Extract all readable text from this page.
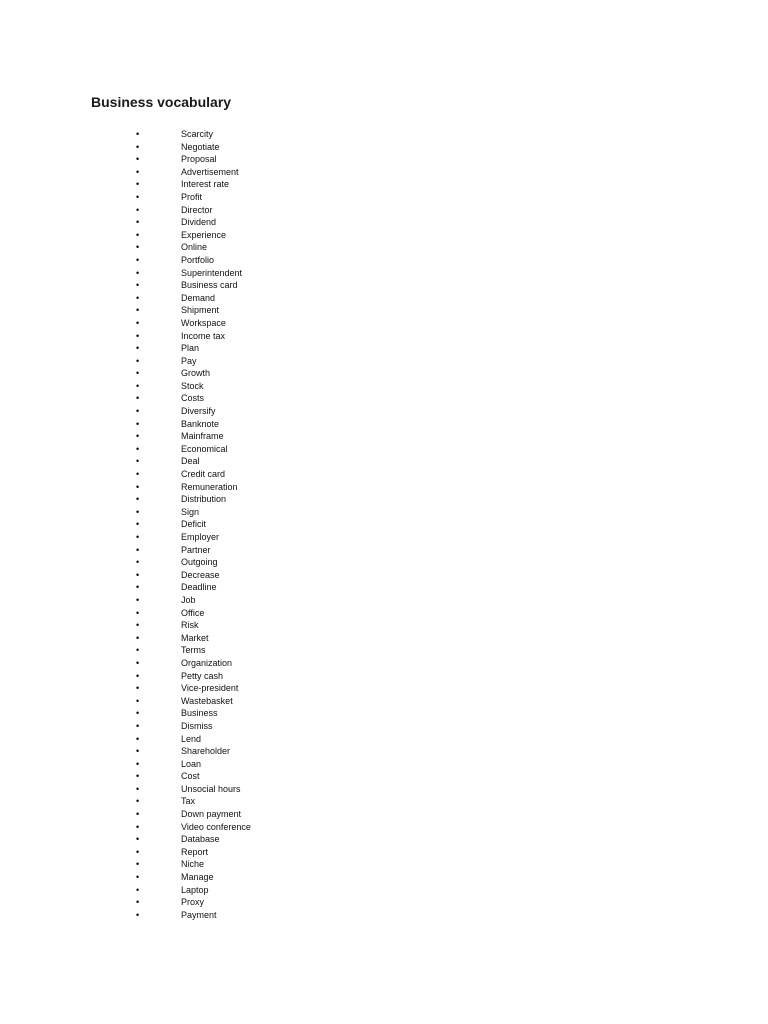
Business vocabulary
•	Scarcity
•	Negotiate
•	Proposal
•	Advertisement
•	Interest rate
•	Profit
•	Director
•	Dividend
•	Experience
•	Online
•	Portfolio
•	Superintendent
•	Business card
•	Demand
•	Shipment
•	Workspace
•	Income tax
•	Plan
•	Pay
•	Growth
•	Stock
•	Costs
•	Diversify
•	Banknote
•	Mainframe
•	Economical
•	Deal
•	Credit card
•	Remuneration
•	Distribution
•	Sign
•	Deficit
•	Employer
•	Partner
•	Outgoing
•	Decrease
•	Deadline
•	Job
•	Office
•	Risk
•	Market
•	Terms
•	Organization
•	Petty cash
•	Vice-president
•	Wastebasket
•	Business
•	Dismiss
•	Lend
•	Shareholder
•	Loan
•	Cost
•	Unsocial hours
•	Tax
•	Down payment
•	Video conference
•	Database
•	Report
•	Niche
•	Manage
•	Laptop
•	Proxy
•	Payment
